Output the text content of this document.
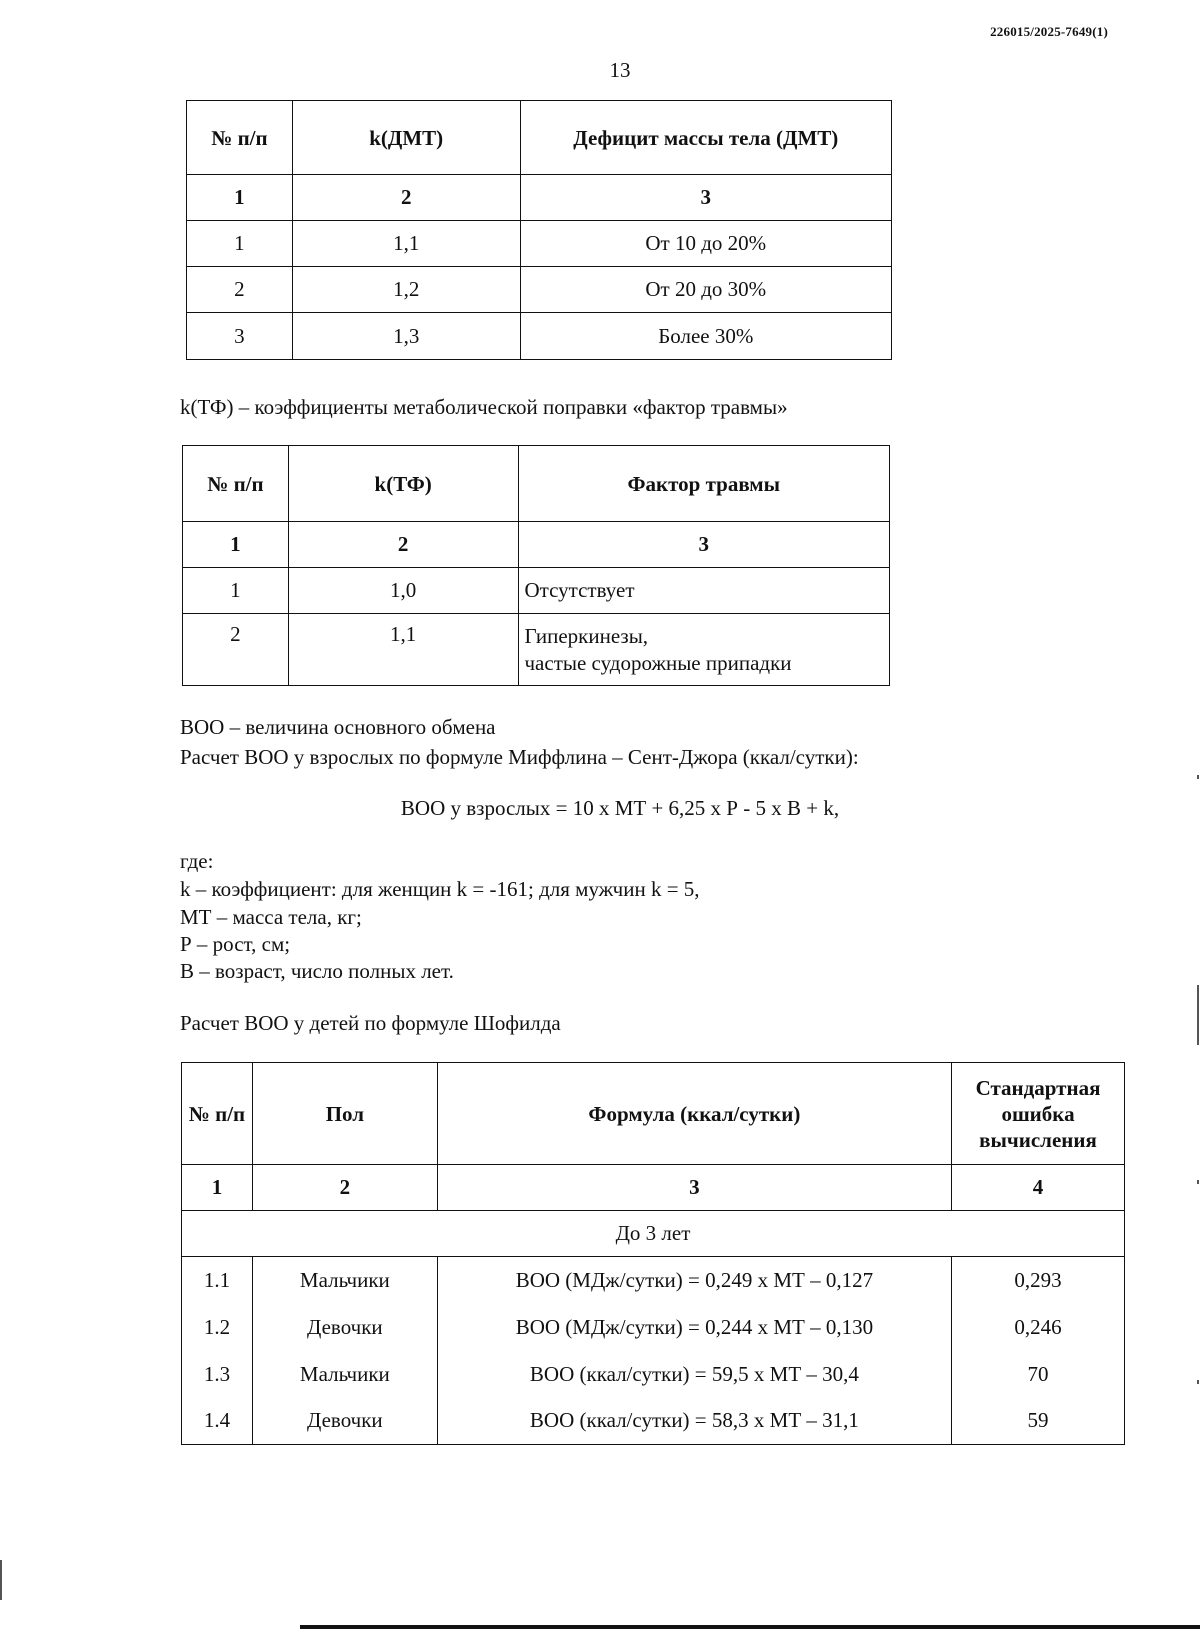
226015/2025-7649(1)
13
№ п/п	k(ДМТ)	Дефицит массы тела (ДМТ)
1	2	3
1	1,1	От 10 до 20%
2	1,2	От 20 до 30%
3	1,3	Более 30%
k(ТФ) – коэффициенты метаболической поправки «фактор травмы»
№ п/п	k(ТФ)	Фактор травмы
1	2	3
1	1,0	Отсутствует
2	1,1	Гиперкинезы,
частые судорожные припадки
ВОО – величина основного обмена
Расчет ВОО у взрослых по формуле Миффлина – Сент-Джора (ккал/сутки):
ВОО у взрослых = 10 х МТ + 6,25 х Р - 5 х В + k,
где:
k – коэффициент: для женщин k = -161; для мужчин k = 5,
МТ – масса тела, кг;
Р – рост, см;
В – возраст, число полных лет.
Расчет ВОО у детей по формуле Шофилда
№ п/п	Пол	Формула (ккал/сутки)	Стандартная ошибка вычисления
1	2	3	4
До 3 лет			
1.1	Мальчики	ВОО (МДж/сутки) = 0,249 х МТ – 0,127	0,293
1.2	Девочки	ВОО (МДж/сутки) = 0,244 х МТ – 0,130	0,246
1.3	Мальчики	ВОО (ккал/сутки) = 59,5 х МТ – 30,4	70
1.4	Девочки	ВОО (ккал/сутки) = 58,3 х МТ – 31,1	59
